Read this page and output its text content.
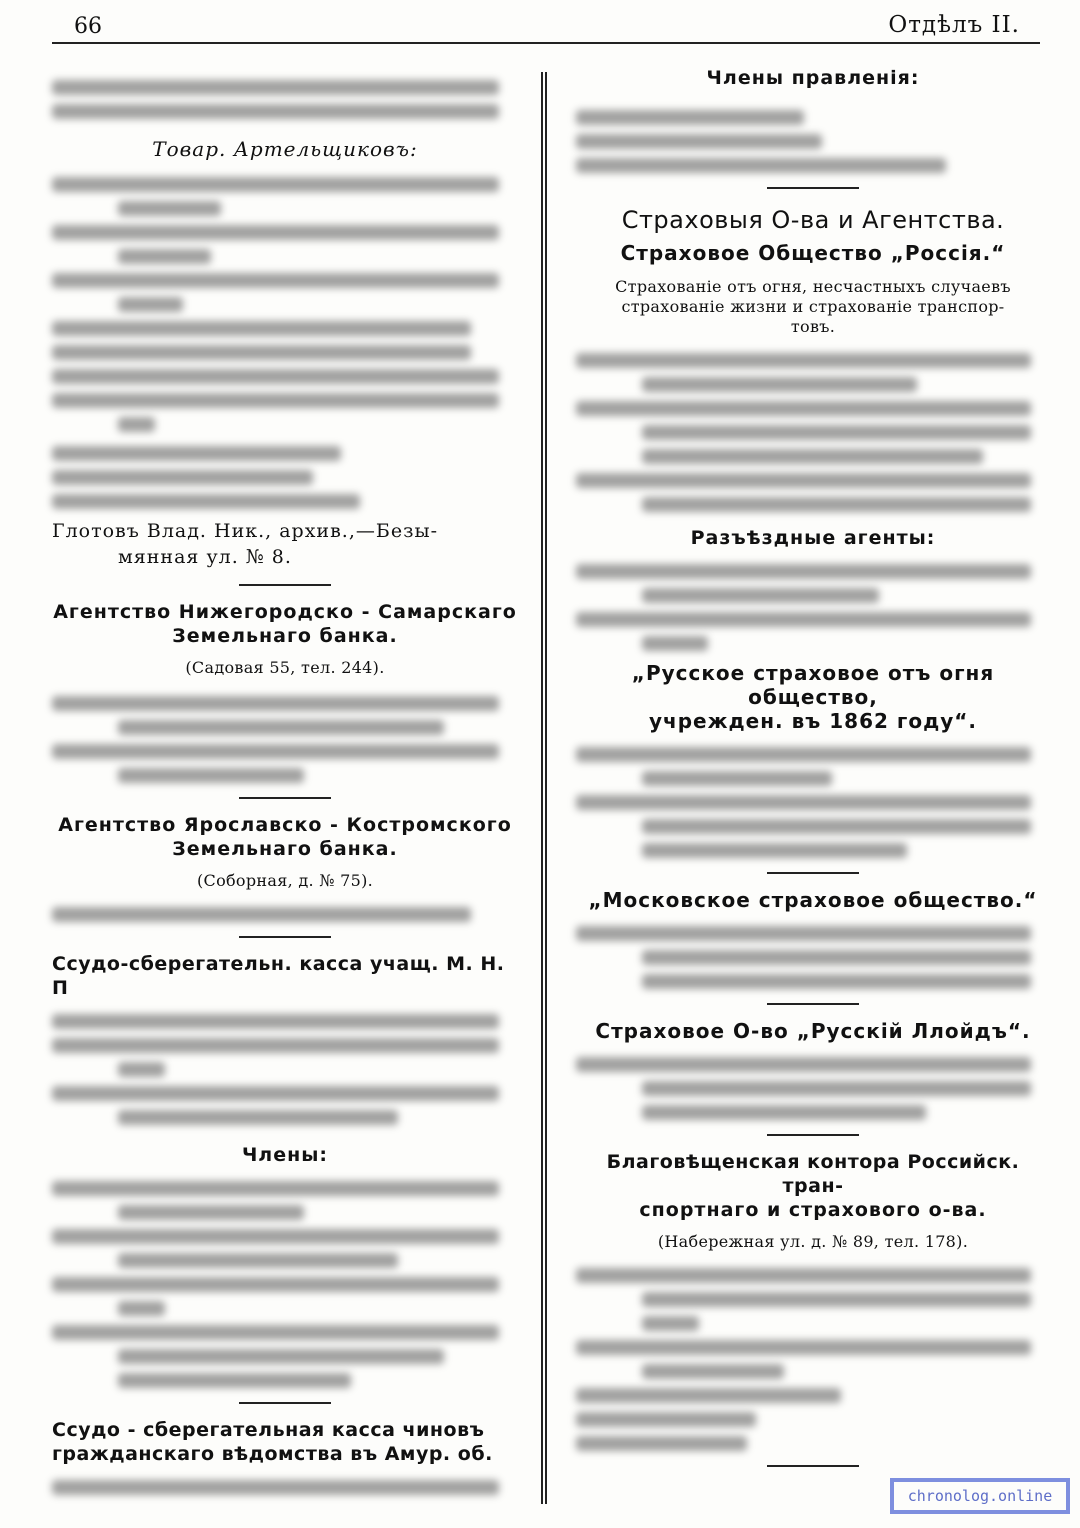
66	Отдѣлъ II.
Товар. Артельщиковъ:
Глотовъ Влад. Ник., архив.,—Безы-
мянная ул. № 8.
Агентство Нижегородско - Самарскаго
Земельнаго банка.
(Садовая 55, тел. 244).
Агентство Ярославско - Костромского
Земельнаго банка.
(Соборная, д. № 75).
Ссудо-сберегательн. касса учащ. М. Н. П
Члены:
Ссудо - сберегательная касса чиновъ
гражданскаго вѣдомства въ Амур. об.
Члены правленія:
Страховыя О-ва и Агентства.
Страховое Общество „Россія.“
Страхованіе отъ огня, несчастныхъ случаевъ
страхованіе жизни и страхованіе транспор-
товъ.
Разъѣздные агенты:
„Русское страховое отъ огня общество,
учрежден. въ 1862 году“.
„Московское страховое общество.“
Страховое О-во „Русскій Ллойдъ“.
Благовѣщенская контора Российск. тран-
спортнаго и страхового о-ва.
(Набережная ул. д. № 89, тел. 178).
chronolog.online
